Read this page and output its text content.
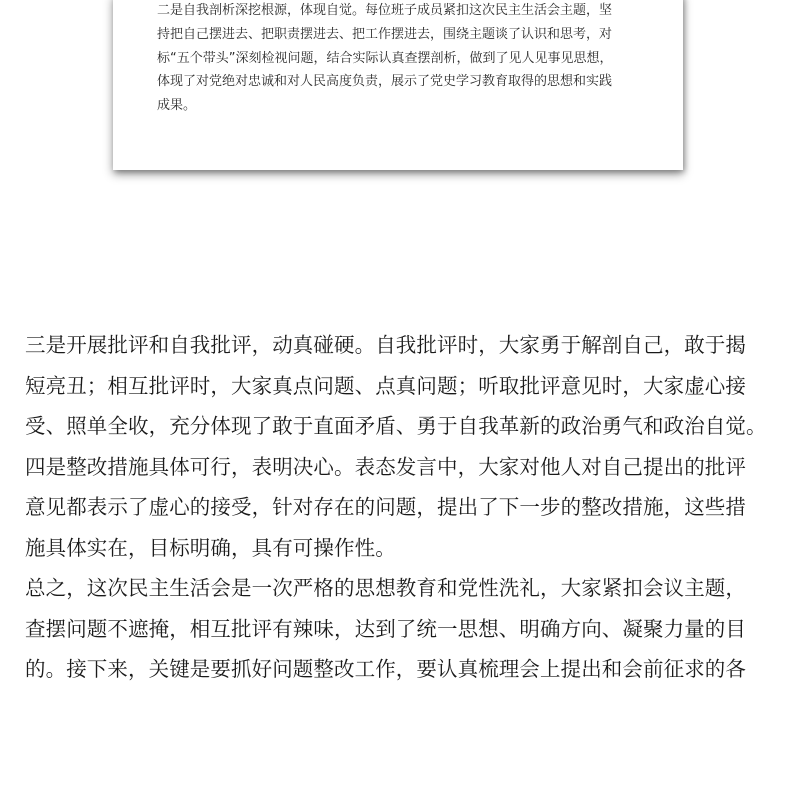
二是自我剖析深挖根源，体现自觉。每位班子成员紧扣这次民主生活会主题，坚
持把自己摆进去、把职责摆进去、把工作摆进去，围绕主题谈了认识和思考，对
标“五个带头”深刻检视问题，结合实际认真查摆剖析，做到了见人见事见思想，
体现了对党绝对忠诚和对人民高度负责，展示了党史学习教育取得的思想和实践
成果。

三是开展批评和自我批评，动真碰硬。自我批评时，大家勇于解剖自己，敢于揭

短亮丑；相互批评时，大家真点问题、点真问题；听取批评意见时，大家虚心接

受、照单全收，充分体现了敢于直面矛盾、勇于自我革新的政治勇气和政治自觉。

四是整改措施具体可行，表明决心。表态发言中，大家对他人对自己提出的批评

意见都表示了虚心的接受，针对存在的问题，提出了下一步的整改措施，这些措

施具体实在，目标明确，具有可操作性。

总之，这次民主生活会是一次严格的思想教育和党性洗礼，大家紧扣会议主题，

查摆问题不遮掩，相互批评有辣味，达到了统一思想、明确方向、凝聚力量的目

的。接下来，关键是要抓好问题整改工作，要认真梳理会上提出和会前征求的各
